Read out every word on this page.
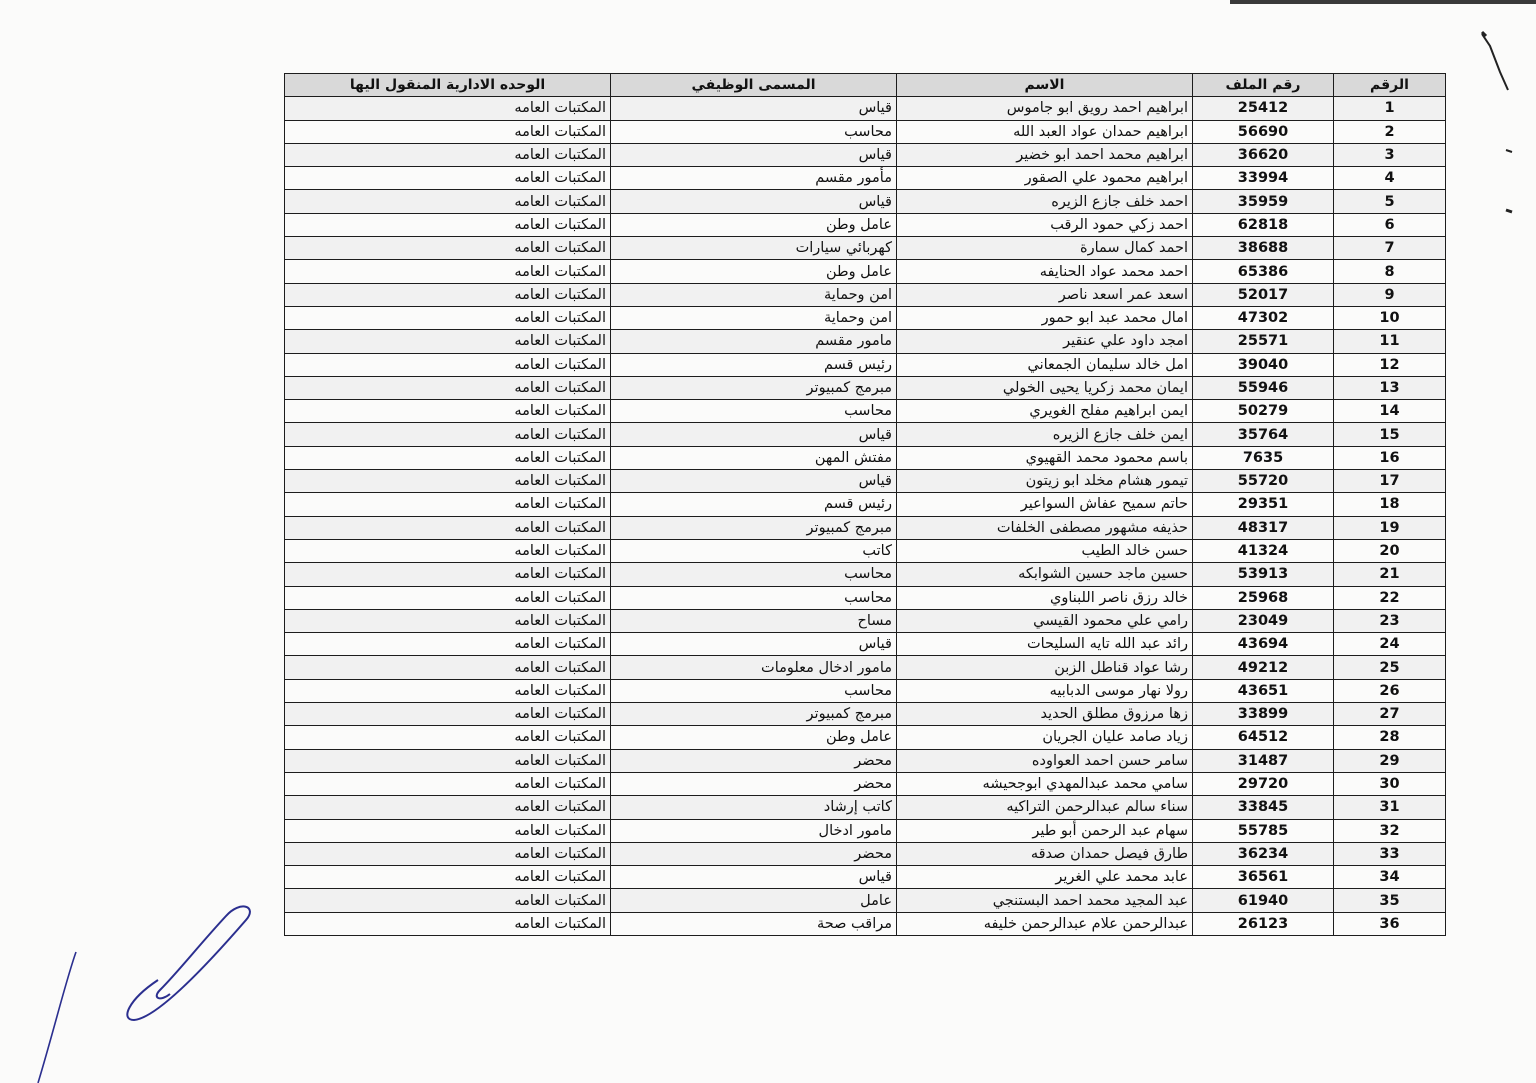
الرقم	رقم الملف	الاسم	المسمى الوظيفي	الوحده الادارية المنقول اليها
1	25412	ابراهيم احمد رويق ابو جاموس	قياس	المكتبات العامه
2	56690	ابراهيم حمدان عواد العبد الله	محاسب	المكتبات العامه
3	36620	ابراهيم محمد احمد ابو خضير	قياس	المكتبات العامه
4	33994	ابراهيم محمود علي الصقور	مأمور مقسم	المكتبات العامه
5	35959	احمد خلف جازع الزيره	قياس	المكتبات العامه
6	62818	احمد زكي حمود الرقب	عامل وطن	المكتبات العامه
7	38688	احمد كمال سمارة	كهربائي سيارات	المكتبات العامه
8	65386	احمد محمد عواد الحنايفه	عامل وطن	المكتبات العامه
9	52017	اسعد عمر اسعد ناصر	امن وحماية	المكتبات العامه
10	47302	امال محمد عبد ابو حمور	امن وحماية	المكتبات العامه
11	25571	امجد داود علي عنقير	مامور مقسم	المكتبات العامه
12	39040	امل خالد سليمان الجمعاني	رئيس قسم	المكتبات العامه
13	55946	ايمان محمد زكريا يحيى الخولي	مبرمج كمبيوتر	المكتبات العامه
14	50279	ايمن ابراهيم مفلح الغويري	محاسب	المكتبات العامه
15	35764	ايمن خلف جازع الزيره	قياس	المكتبات العامه
16	7635	باسم محمود محمد القهيوي	مفتش المهن	المكتبات العامه
17	55720	تيمور هشام مخلد ابو زيتون	قياس	المكتبات العامه
18	29351	حاتم سميح عفاش السواعير	رئيس قسم	المكتبات العامه
19	48317	حذيفه مشهور مصطفى الخلفات	مبرمج كمبيوتر	المكتبات العامه
20	41324	حسن خالد الطيب	كاتب	المكتبات العامه
21	53913	حسين ماجد حسين الشوابكه	محاسب	المكتبات العامه
22	25968	خالد رزق ناصر اللبناوي	محاسب	المكتبات العامه
23	23049	رامي علي محمود القيسي	مساح	المكتبات العامه
24	43694	رائد عبد الله تايه السليحات	قياس	المكتبات العامه
25	49212	رشا عواد قناطل الزبن	مامور ادخال معلومات	المكتبات العامه
26	43651	رولا نهار موسى الدبابيه	محاسب	المكتبات العامه
27	33899	زها مرزوق مطلق الحديد	مبرمج كمبيوتر	المكتبات العامه
28	64512	زياد صامد عليان الجريان	عامل وطن	المكتبات العامه
29	31487	سامر حسن احمد العواوده	محضر	المكتبات العامه
30	29720	سامي محمد عبدالمهدي ابوجحيشه	محضر	المكتبات العامه
31	33845	سناء سالم عبدالرحمن التراكيه	كاتب إرشاد	المكتبات العامه
32	55785	سهام عبد الرحمن أبو طير	مامور ادخال	المكتبات العامه
33	36234	طارق فيصل حمدان صدقه	محضر	المكتبات العامه
34	36561	عابد محمد علي الغرير	قياس	المكتبات العامه
35	61940	عبد المجيد محمد احمد البستنجي	عامل	المكتبات العامه
36	26123	عبدالرحمن علام عبدالرحمن خليفه	مراقب صحة	المكتبات العامه
